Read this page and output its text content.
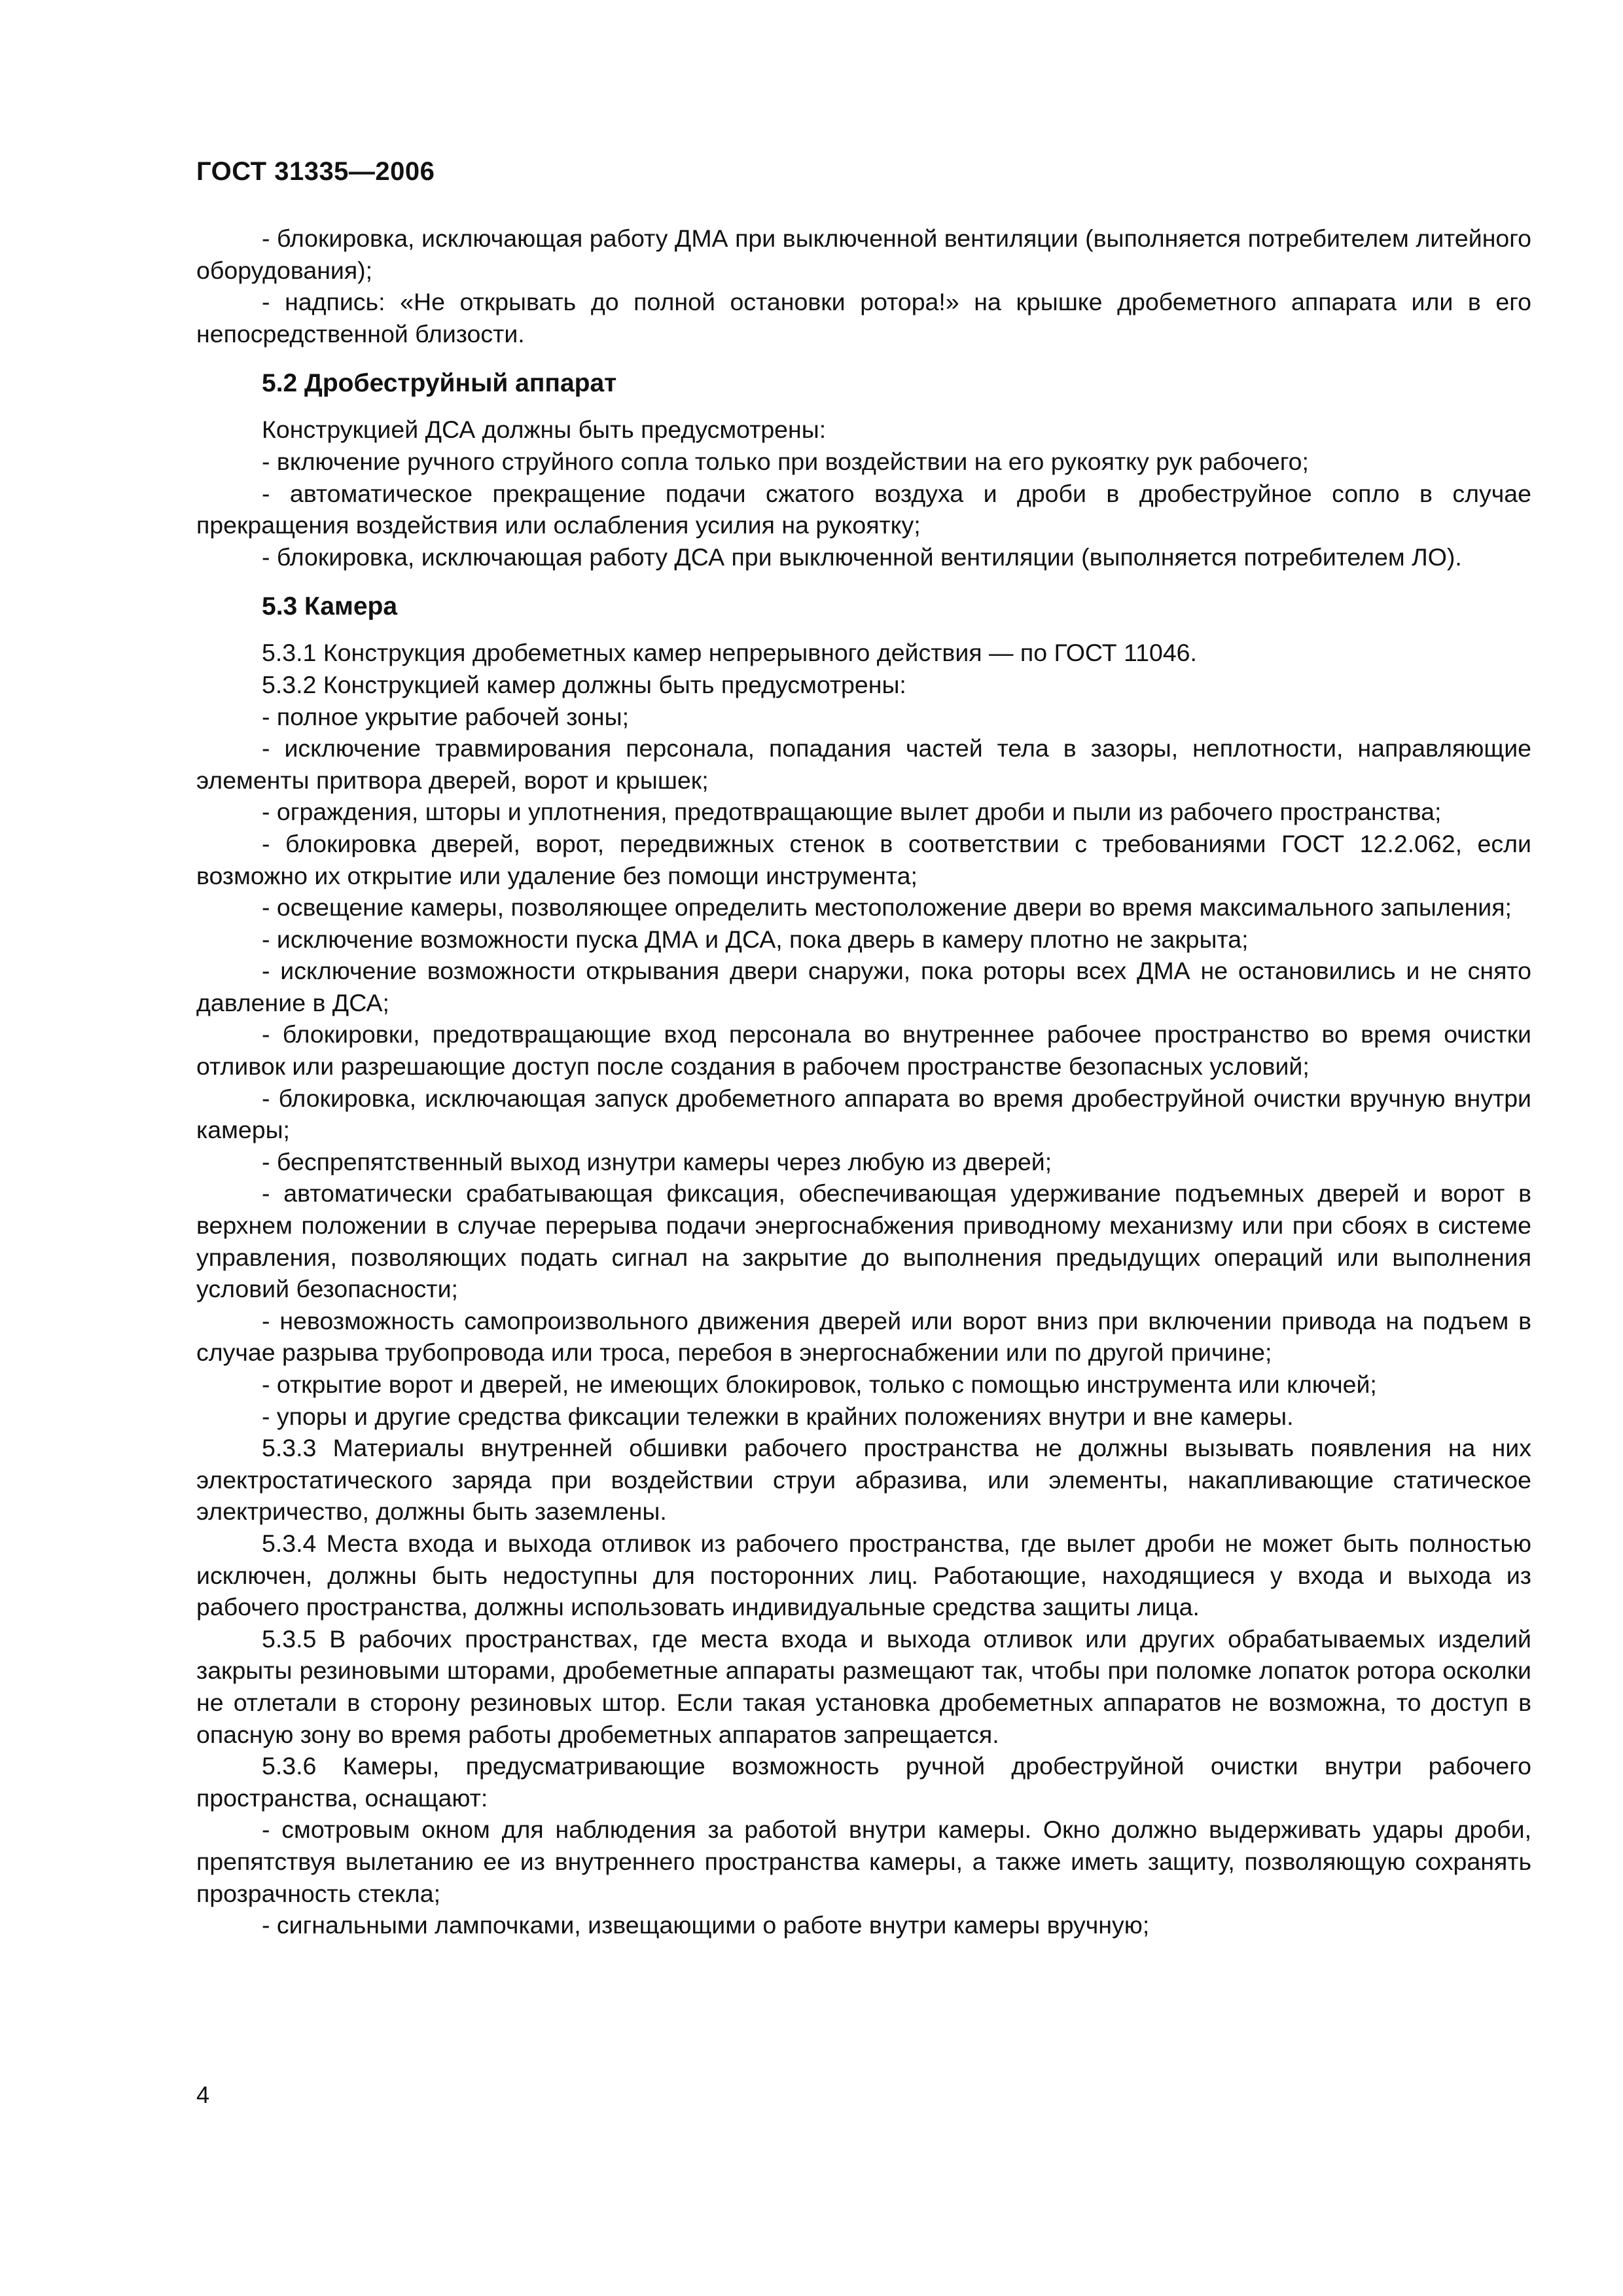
ГОСТ 31335—2006

- блокировка, исключающая работу ДМА при выключенной вентиляции (выполняется потребителем литейного оборудования);

- надпись: «Не открывать до полной остановки ротора!» на крышке дробеметного аппарата или в его непосредственной близости.

5.2 Дробеструйный аппарат

Конструкцией ДСА должны быть предусмотрены:

- включение ручного струйного сопла только при воздействии на его рукоятку рук рабочего;

- автоматическое прекращение подачи сжатого воздуха и дроби в дробеструйное сопло в случае прекращения воздействия или ослабления усилия на рукоятку;

- блокировка, исключающая работу ДСА при выключенной вентиляции (выполняется потребителем ЛО).

5.3 Камера

5.3.1 Конструкция дробеметных камер непрерывного действия — по ГОСТ 11046.

5.3.2 Конструкцией камер должны быть предусмотрены:

- полное укрытие рабочей зоны;

- исключение травмирования персонала, попадания частей тела в зазоры, неплотности, направляющие элементы притвора дверей, ворот и крышек;

- ограждения, шторы и уплотнения, предотвращающие вылет дроби и пыли из рабочего пространства;

- блокировка дверей, ворот, передвижных стенок в соответствии с требованиями ГОСТ 12.2.062, если возможно их открытие или удаление без помощи инструмента;

- освещение камеры, позволяющее определить местоположение двери во время максимального запыления;

- исключение возможности пуска ДМА и ДСА, пока дверь в камеру плотно не закрыта;

- исключение возможности открывания двери снаружи, пока роторы всех ДМА не остановились и не снято давление в ДСА;

- блокировки, предотвращающие вход персонала во внутреннее рабочее пространство во время очистки отливок или разрешающие доступ после создания в рабочем пространстве безопасных условий;

- блокировка, исключающая запуск дробеметного аппарата во время дробеструйной очистки вручную внутри камеры;

- беспрепятственный выход изнутри камеры через любую из дверей;

- автоматически срабатывающая фиксация, обеспечивающая удерживание подъемных дверей и ворот в верхнем положении в случае перерыва подачи энергоснабжения приводному механизму или при сбоях в системе управления, позволяющих подать сигнал на закрытие до выполнения предыдущих операций или выполнения условий безопасности;

- невозможность самопроизвольного движения дверей или ворот вниз при включении привода на подъем в случае разрыва трубопровода или троса, перебоя в энергоснабжении или по другой причине;

- открытие ворот и дверей, не имеющих блокировок, только с помощью инструмента или ключей;

- упоры и другие средства фиксации тележки в крайних положениях внутри и вне камеры.

5.3.3 Материалы внутренней обшивки рабочего пространства не должны вызывать появления на них электростатического заряда при воздействии струи абразива, или элементы, накапливающие статическое электричество, должны быть заземлены.

5.3.4 Места входа и выхода отливок из рабочего пространства, где вылет дроби не может быть полностью исключен, должны быть недоступны для посторонних лиц. Работающие, находящиеся у входа и выхода из рабочего пространства, должны использовать индивидуальные средства защиты лица.

5.3.5 В рабочих пространствах, где места входа и выхода отливок или других обрабатываемых изделий закрыты резиновыми шторами, дробеметные аппараты размещают так, чтобы при поломке лопаток ротора осколки не отлетали в сторону резиновых штор. Если такая установка дробеметных аппаратов не возможна, то доступ в опасную зону во время работы дробеметных аппаратов запрещается.

5.3.6 Камеры, предусматривающие возможность ручной дробеструйной очистки внутри рабочего пространства, оснащают:

- смотровым окном для наблюдения за работой внутри камеры. Окно должно выдерживать удары дроби, препятствуя вылетанию ее из внутреннего пространства камеры, а также иметь защиту, позволяющую сохранять прозрачность стекла;

- сигнальными лампочками, извещающими о работе внутри камеры вручную;

4
